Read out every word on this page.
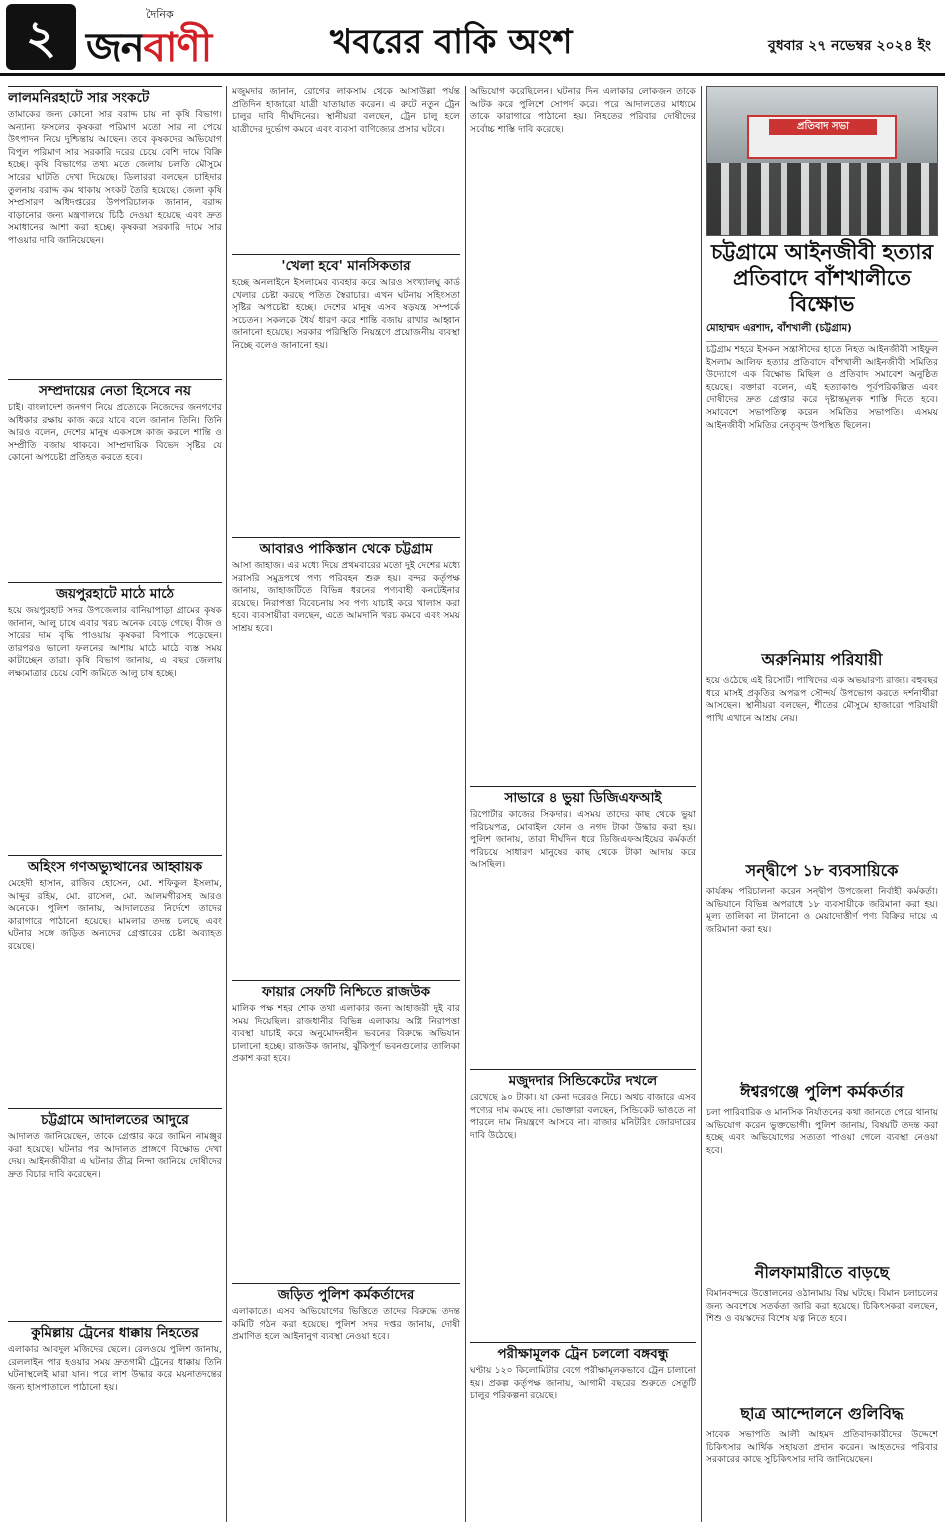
২	দৈনিক
জনবাণী	খবরের বাকি অংশ	বুধবার ২৭ নভেম্বর ২০২৪ ইং
লালমনিরহাটে সার সংকটে
তামাকের জন্য কোনো সার বরাদ্দ চায় না কৃষি বিভাগ। অন্যান্য ফসলের কৃষকরা পরিমাণ মতো সার না পেয়ে উৎপাদন নিয়ে দুশ্চিন্তায় আছেন। তবে কৃষকদের অভিযোগ বিপুল পরিমাণ সার সরকারি দরের চেয়ে বেশি দামে বিক্রি হচ্ছে। কৃষি বিভাগের তথ্য মতে জেলায় চলতি মৌসুমে সারের ঘাটতি দেখা দিয়েছে। ডিলাররা বলছেন চাহিদার তুলনায় বরাদ্দ কম থাকায় সংকট তৈরি হয়েছে। জেলা কৃষি সম্প্রসারণ অধিদপ্তরের উপপরিচালক জানান, বরাদ্দ বাড়ানোর জন্য মন্ত্রণালয়ে চিঠি দেওয়া হয়েছে এবং দ্রুত সমাধানের আশা করা হচ্ছে। কৃষকরা সরকারি দামে সার পাওয়ার দাবি জানিয়েছেন।
সম্প্রদায়ের নেতা হিসেবে নয়
চাই। বাংলাদেশ জনগণ নিয়ে প্রত্যেকে নিজেদের জনগণের অধিকার রক্ষায় কাজ করে যাবে বলে জানান তিনি। তিনি আরও বলেন, দেশের মানুষ একসঙ্গে কাজ করলে শান্তি ও সম্প্রীতি বজায় থাকবে। সাম্প্রদায়িক বিভেদ সৃষ্টির যে কোনো অপচেষ্টা প্রতিহত করতে হবে।
জয়পুরহাটে মাঠে মাঠে
হয়ে জয়পুরহাট সদর উপজেলার বানিয়াপাড়া গ্রামের কৃষক জানান, আলু চাষে এবার খরচ অনেক বেড়ে গেছে। বীজ ও সারের দাম বৃদ্ধি পাওয়ায় কৃষকরা বিপাকে পড়েছেন। তারপরও ভালো ফলনের আশায় মাঠে মাঠে ব্যস্ত সময় কাটাচ্ছেন তারা। কৃষি বিভাগ জানায়, এ বছর জেলায় লক্ষ্যমাত্রার চেয়ে বেশি জমিতে আলু চাষ হচ্ছে।
অহিংস গণঅভ্যুত্থানের আহ্বায়ক
মেহেদী হাসান, রাজিব হোসেন, মো. শফিকুল ইসলাম, আব্দুর রহিম, মো. রাসেল, মো. আলমগীরসহ আরও অনেকে। পুলিশ জানায়, আদালতের নির্দেশে তাদের কারাগারে পাঠানো হয়েছে। মামলার তদন্ত চলছে এবং ঘটনার সঙ্গে জড়িত অন্যদের গ্রেপ্তারের চেষ্টা অব্যাহত রয়েছে।
চট্টগ্রামে আদালতের আদুরে
আদালত জানিয়েছেন, তাকে গ্রেপ্তার করে জামিন নামঞ্জুর করা হয়েছে। ঘটনার পর আদালত প্রাঙ্গণে বিক্ষোভ দেখা দেয়। আইনজীবীরা এ ঘটনার তীব্র নিন্দা জানিয়ে দোষীদের দ্রুত বিচার দাবি করেছেন।
কুমিল্লায় ট্রেনের ধাক্কায় নিহতের
এলাকার আবদুল মজিদের ছেলে। রেলওয়ে পুলিশ জানায়, রেললাইন পার হওয়ার সময় দ্রুতগামী ট্রেনের ধাক্কায় তিনি ঘটনাস্থলেই মারা যান। পরে লাশ উদ্ধার করে ময়নাতদন্তের জন্য হাসপাতালে পাঠানো হয়।
মজুমদার জানান, রোগের লাকসাম থেকে আসাউল্লা পর্যন্ত প্রতিদিন হাজারো যাত্রী যাতায়াত করেন। এ রুটে নতুন ট্রেন চালুর দাবি দীর্ঘদিনের। স্থানীয়রা বলছেন, ট্রেন চালু হলে যাত্রীদের দুর্ভোগ কমবে এবং ব্যবসা বাণিজ্যের প্রসার ঘটবে।
'খেলা হবে' মানসিকতার
হচ্ছে অনলাইনে ইসলামের ব্যবহার করে আরও সংখ্যালঘু কার্ড খেলার চেষ্টা করছে পতিত স্বৈরাচার। এখন ঘটনায় সহিংসতা সৃষ্টির অপচেষ্টা হচ্ছে। দেশের মানুষ এসব ষড়যন্ত্র সম্পর্কে সচেতন। সকলকে ধৈর্য ধারণ করে শান্তি বজায় রাখার আহ্বান জানানো হয়েছে। সরকার পরিস্থিতি নিয়ন্ত্রণে প্রয়োজনীয় ব্যবস্থা নিচ্ছে বলেও জানানো হয়।
আবারও পাকিস্তান থেকে চট্টগ্রাম
আসা জাহাজ। এর মধ্যে দিয়ে প্রথমবারের মতো দুই দেশের মধ্যে সরাসরি সমুদ্রপথে পণ্য পরিবহন শুরু হয়। বন্দর কর্তৃপক্ষ জানায়, জাহাজটিতে বিভিন্ন ধরনের পণ্যবাহী কনটেইনার রয়েছে। নিরাপত্তা বিবেচনায় সব পণ্য যাচাই করে খালাস করা হবে। ব্যবসায়ীরা বলছেন, এতে আমদানি খরচ কমবে এবং সময় সাশ্রয় হবে।
ফায়ার সেফটি নিশ্চিতে রাজউক
মালিক পক্ষ শহর শোক তথা এলাকার জন্য আহাজরী দুই বার সময় দিয়েছিল। রাজধানীর বিভিন্ন এলাকায় অগ্নি নিরাপত্তা ব্যবস্থা যাচাই করে অনুমোদনহীন ভবনের বিরুদ্ধে অভিযান চালানো হচ্ছে। রাজউক জানায়, ঝুঁকিপূর্ণ ভবনগুলোর তালিকা প্রকাশ করা হবে।
জড়িত পুলিশ কর্মকর্তাদের
এলাকাতে। এসব অভিযোগের ভিত্তিতে তাদের বিরুদ্ধে তদন্ত কমিটি গঠন করা হয়েছে। পুলিশ সদর দপ্তর জানায়, দোষী প্রমাণিত হলে আইনানুগ ব্যবস্থা নেওয়া হবে।
অভিযোগ করেছিলেন। ঘটনার দিন এলাকার লোকজন তাকে আটক করে পুলিশে সোপর্দ করে। পরে আদালতের মাধ্যমে তাকে কারাগারে পাঠানো হয়। নিহতের পরিবার দোষীদের সর্বোচ্চ শাস্তি দাবি করেছে।
সাভারে ৪ ভুয়া ডিজিএফআই
রিপোর্টার কাজের সিকদার। এসময় তাদের কাছ থেকে ভুয়া পরিচয়পত্র, মোবাইল ফোন ও নগদ টাকা উদ্ধার করা হয়। পুলিশ জানায়, তারা দীর্ঘদিন ধরে ডিজিএফআইয়ের কর্মকর্তা পরিচয়ে সাধারণ মানুষের কাছ থেকে টাকা আদায় করে আসছিল।
মজুদদার সিন্ডিকেটের দখলে
রেখেছে ৯০ টাকা। যা কেনা দরেরও নিচে। অথচ বাজারে এসব পণ্যের দাম কমছে না। ভোক্তারা বলছেন, সিন্ডিকেট ভাঙতে না পারলে দাম নিয়ন্ত্রণে আসবে না। বাজার মনিটরিং জোরদারের দাবি উঠেছে।
পরীক্ষামূলক ট্রেন চললো বঙ্গবন্ধু
ঘণ্টায় ১২০ কিলোমিটার বেগে পরীক্ষামূলকভাবে ট্রেন চালানো হয়। প্রকল্প কর্তৃপক্ষ জানায়, আগামী বছরের শুরুতে সেতুটি চালুর পরিকল্পনা রয়েছে।
প্রতিবাদ সভা
চট্টগ্রামে আইনজীবী হত্যার প্রতিবাদে বাঁশখালীতে বিক্ষোভ
মোহাম্মদ এরশাদ, বাঁশখালী (চট্টগ্রাম)
চট্টগ্রাম শহরে ইসকন সন্ত্রাসীদের হাতে নিহত আইনজীবী সাইফুল ইসলাম আলিফ হত্যার প্রতিবাদে বাঁশখালী আইনজীবী সমিতির উদ্যোগে এক বিক্ষোভ মিছিল ও প্রতিবাদ সমাবেশ অনুষ্ঠিত হয়েছে। বক্তারা বলেন, এই হত্যাকাণ্ড পূর্বপরিকল্পিত এবং দোষীদের দ্রুত গ্রেপ্তার করে দৃষ্টান্তমূলক শাস্তি দিতে হবে। সমাবেশে সভাপতিত্ব করেন সমিতির সভাপতি। এসময় আইনজীবী সমিতির নেতৃবৃন্দ উপস্থিত ছিলেন।
অরুনিমায় পরিযায়ী
হয়ে ওঠেছে এই রিসোর্ট। পাখিদের এক অভয়ারণ্য রাজ্য। বহুবছর ধরে মাসই প্রকৃতির অপরূপ সৌন্দর্য উপভোগ করতে দর্শনার্থীরা আসছেন। স্থানীয়রা বলছেন, শীতের মৌসুমে হাজারো পরিযায়ী পাখি এখানে আশ্রয় নেয়।
সন্দ্বীপে ১৮ ব্যবসায়িকে
কার্যক্রম পরিচালনা করেন সন্দ্বীপ উপজেলা নির্বাহী কর্মকর্তা। অভিযানে বিভিন্ন অপরাধে ১৮ ব্যবসায়ীকে জরিমানা করা হয়। মূল্য তালিকা না টানানো ও মেয়াদোত্তীর্ণ পণ্য বিক্রির দায়ে এ জরিমানা করা হয়।
ঈশ্বরগঞ্জে পুলিশ কর্মকর্তার
চলা পারিবারিক ও মানসিক নির্যাতনের কথা জানতে পেরে থানায় অভিযোগ করেন ভুক্তভোগী। পুলিশ জানায়, বিষয়টি তদন্ত করা হচ্ছে এবং অভিযোগের সত্যতা পাওয়া গেলে ব্যবস্থা নেওয়া হবে।
নীলফামারীতে বাড়ছে
বিমানবন্দরে উত্তোলনের ওঠানামায় বিঘ্ন ঘটছে। বিমান চলাচলের জন্য অবশেষে সতর্কতা জারি করা হয়েছে। চিকিৎসকরা বলছেন, শিশু ও বয়স্কদের বিশেষ যত্ন নিতে হবে।
ছাত্র আন্দোলনে গুলিবিদ্ধ
সাবেক সভাপতি আলী আহমদ প্রতিবাদকারীদের উদ্দেশে চিকিৎসার আর্থিক সহায়তা প্রদান করেন। আহতদের পরিবার সরকারের কাছে সুচিকিৎসার দাবি জানিয়েছেন।
